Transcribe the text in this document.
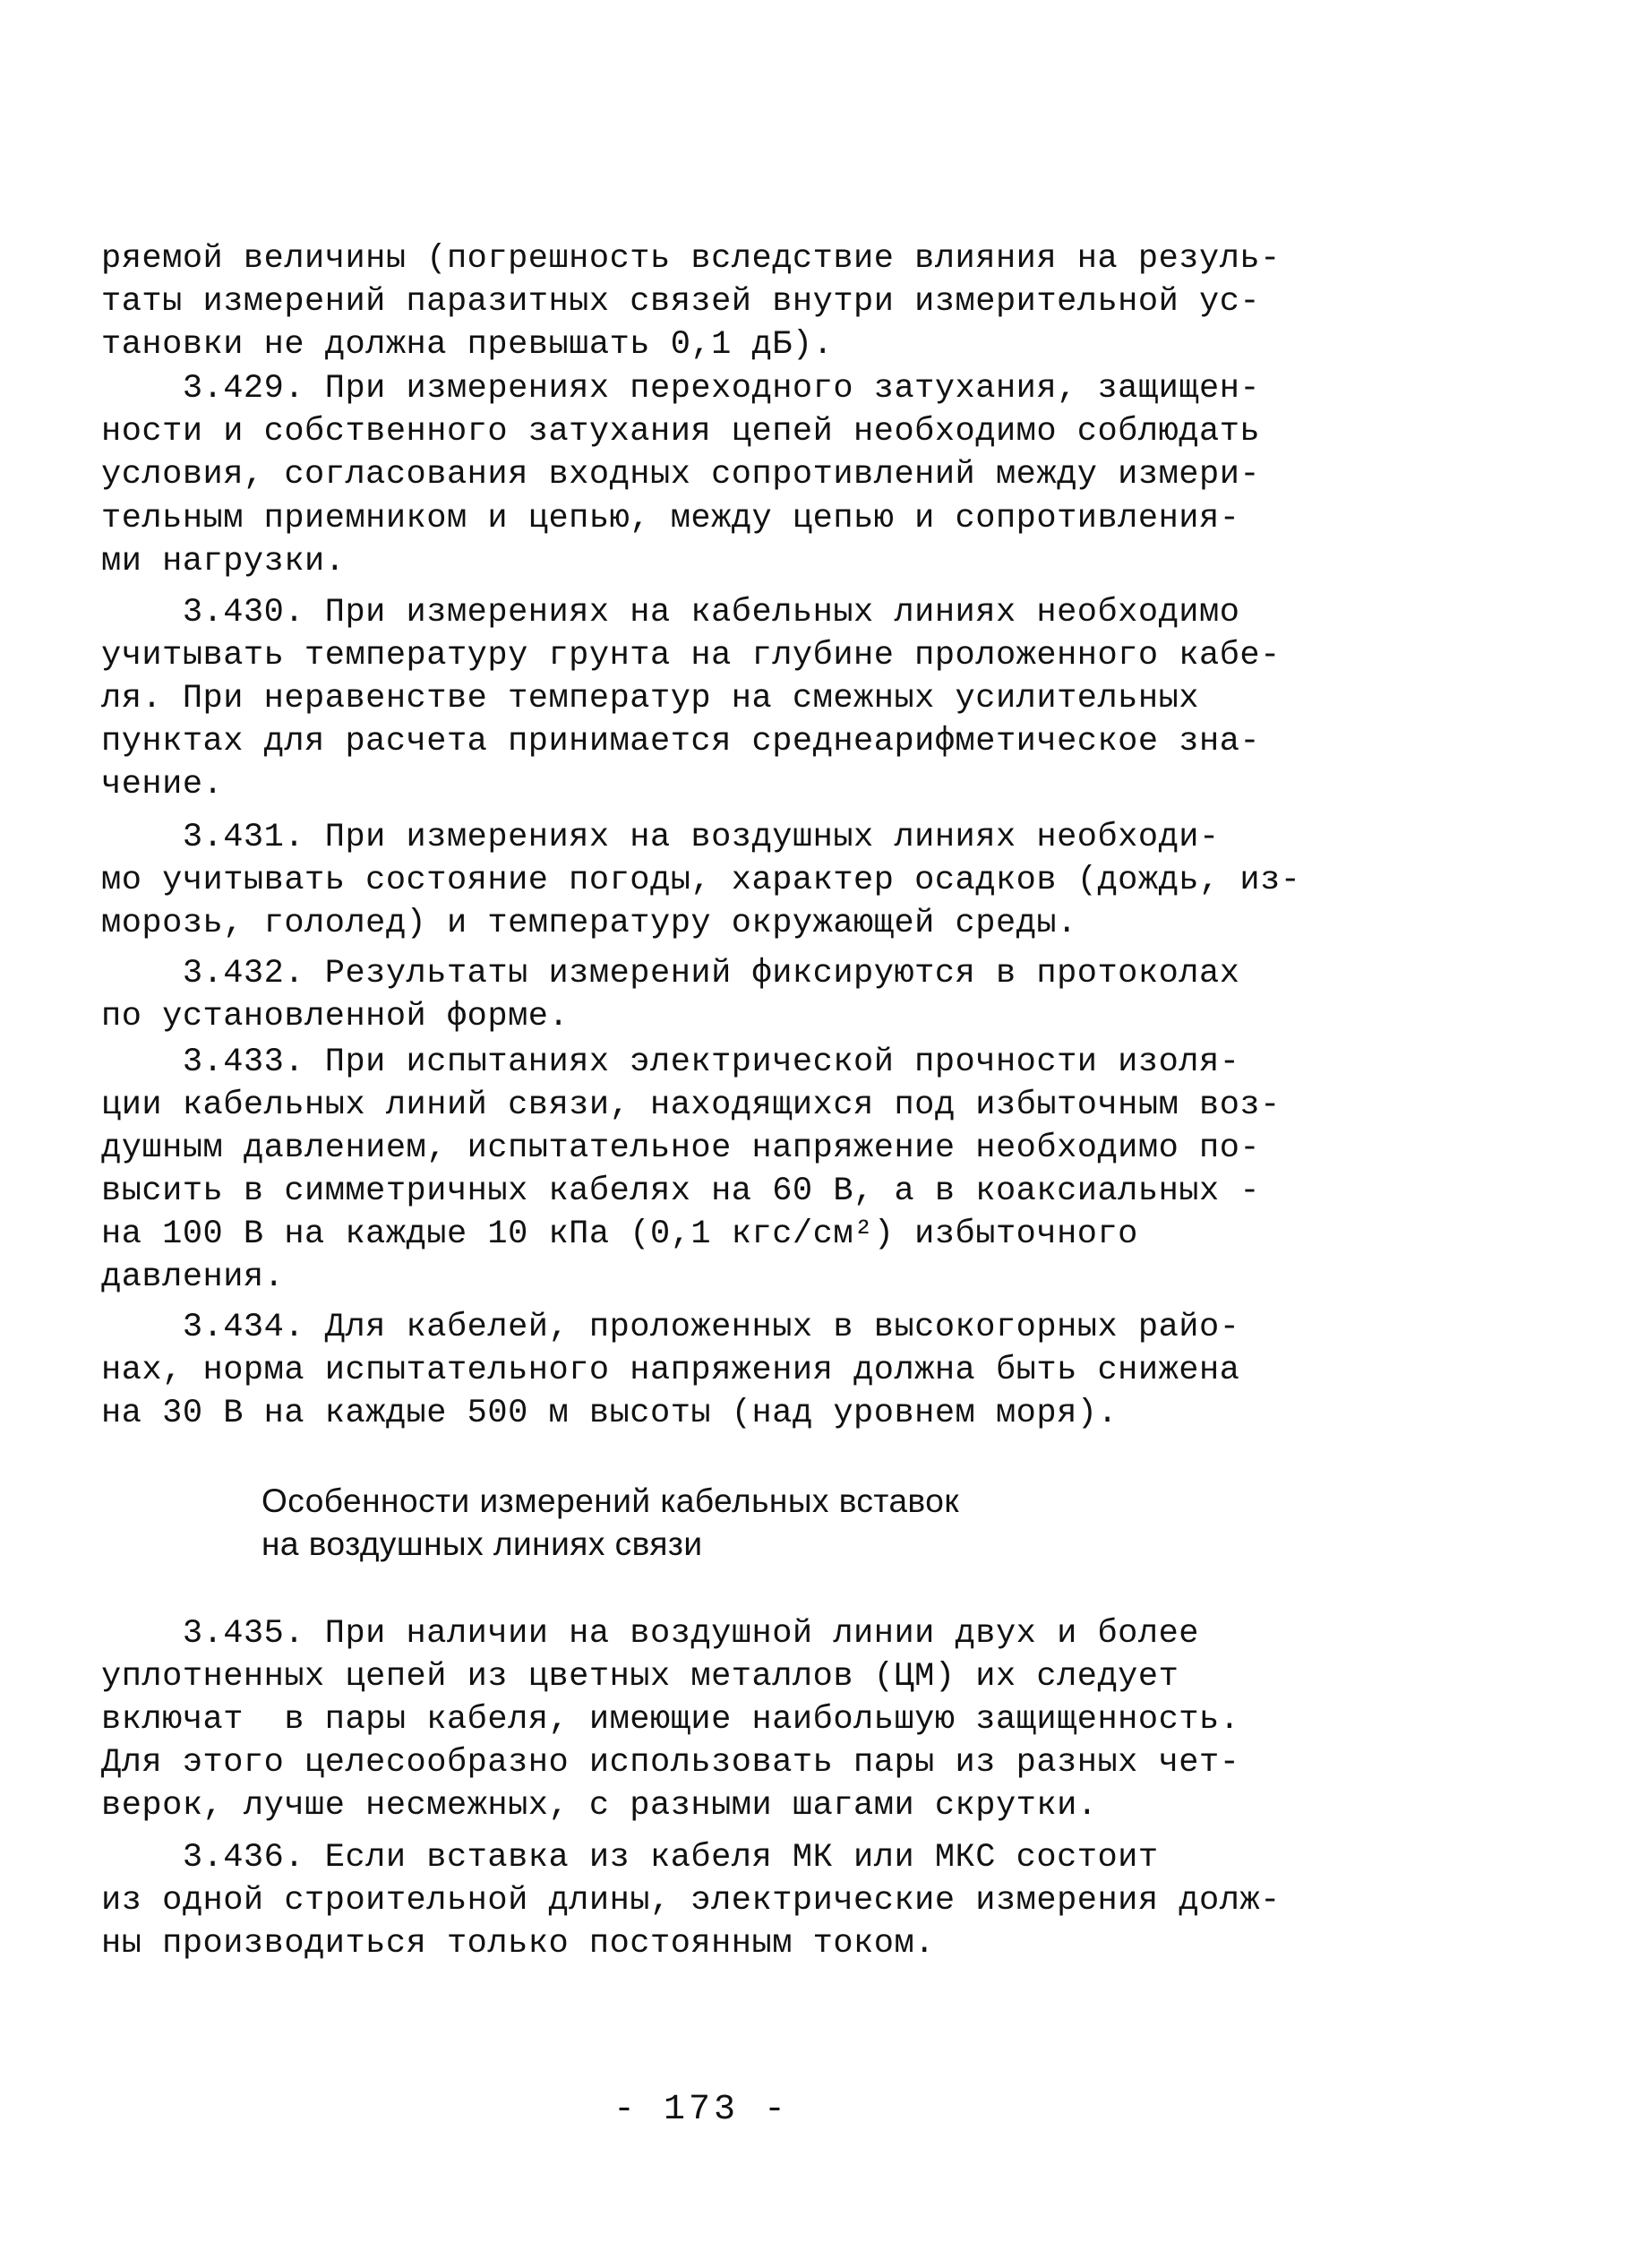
ряемой величины (погрешность вследствие влияния на резуль-
таты измерений паразитных связей внутри измерительной ус-
тановки не должна превышать 0,1 дБ).
3.429. При измерениях переходного затухания, защищен-
ности и собственного затухания цепей необходимо соблюдать
условия, согласования входных сопротивлений между измери-
тельным приемником и цепью, между цепью и сопротивления-
ми нагрузки.
3.430. При измерениях на кабельных линиях необходимо
учитывать температуру грунта на глубине проложенного кабе-
ля. При неравенстве температур на смежных усилительных
пунктах для расчета принимается среднеарифметическое зна-
чение.
3.431. При измерениях на воздушных линиях необходи-
мо учитывать состояние погоды, характер осадков (дождь, из-
морозь, гололед) и температуру окружающей среды.
3.432. Результаты измерений фиксируются в протоколах
по установленной форме.
3.433. При испытаниях электрической прочности изоля-
ции кабельных линий связи, находящихся под избыточным воз-
душным давлением, испытательное напряжение необходимо по-
высить в симметричных кабелях на 60 В, а в коаксиальных -
на 100 В на каждые 10 кПа (0,1 кгс/см²) избыточного
давления.
3.434. Для кабелей, проложенных в высокогорных райо-
нах, норма испытательного напряжения должна быть снижена
на 30 В на каждые 500 м высоты (над уровнем моря).
Особенности измерений кабельных вставок
на воздушных линиях связи
3.435. При наличии на воздушной линии двух и более
уплотненных цепей из цветных металлов (ЦМ) их следует
включат  в пары кабеля, имеющие наибольшую защищенность.
Для этого целесообразно использовать пары из разных чет-
верок, лучше несмежных, с разными шагами скрутки.
3.436. Если вставка из кабеля МК или МКС состоит
из одной строительной длины, электрические измерения долж-
ны производиться только постоянным током.
- 173 -
